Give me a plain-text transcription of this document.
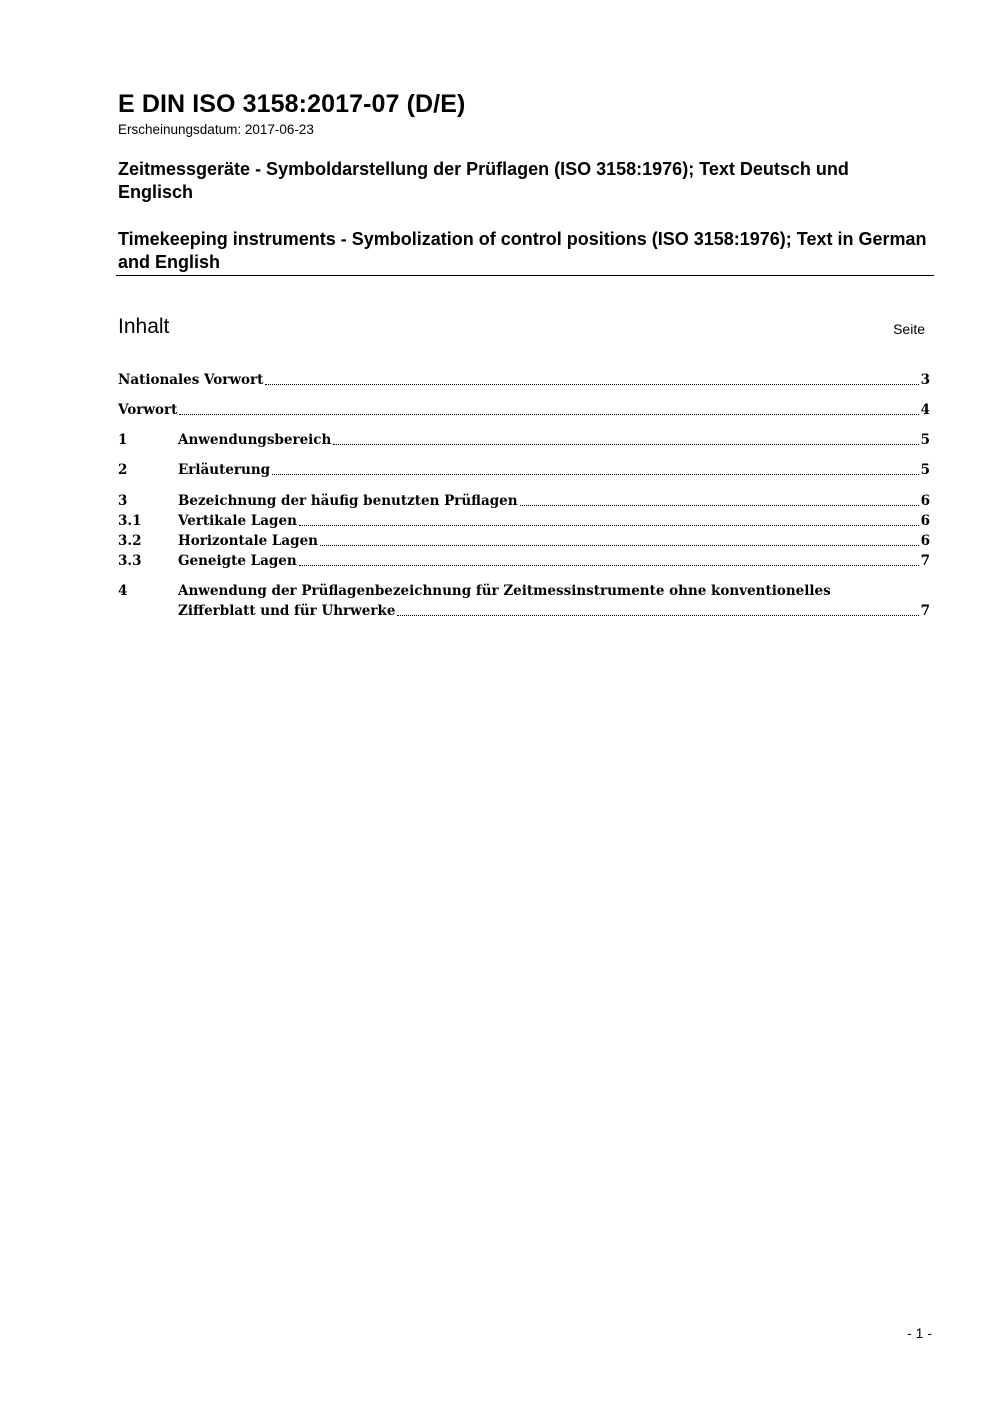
E DIN ISO 3158:2017-07 (D/E)
Erscheinungsdatum: 2017-06-23
Zeitmessgeräte - Symboldarstellung der Prüflagen (ISO 3158:1976); Text Deutsch und Englisch
Timekeeping instruments - Symbolization of control positions (ISO 3158:1976); Text in German and English
Inhalt	Seite
Nationales Vorwort	3
Vorwort	4
1	Anwendungsbereich	5
2	Erläuterung	5
3	Bezeichnung der häufig benutzten Prüflagen	6
3.1	Vertikale Lagen	6
3.2	Horizontale Lagen	6
3.3	Geneigte Lagen	7
4	Anwendung der Prüflagenbezeichnung für Zeitmessinstrumente ohne konventionelles
Zifferblatt und für Uhrwerke	7
- 1 -
